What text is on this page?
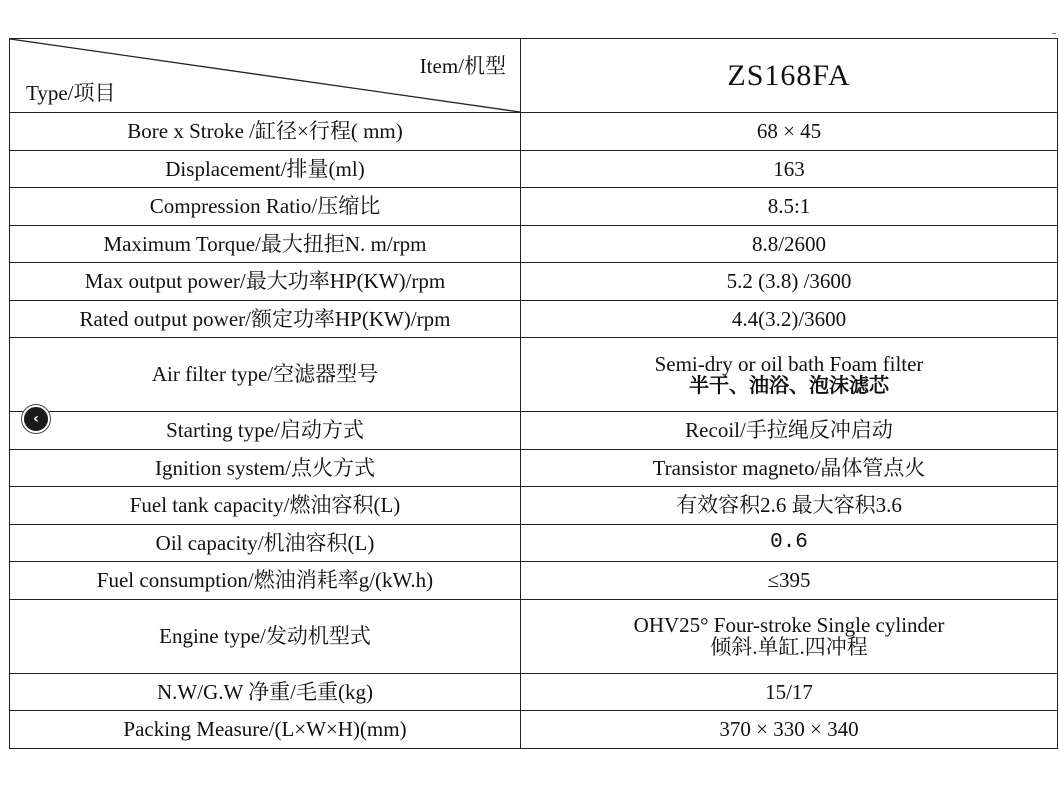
Item/机型
Type/项目	ZS168FA
Bore x Stroke /缸径×行程( mm)	68 × 45
Displacement/排量(ml)	163
Compression Ratio/压缩比	8.5:1
Maximum Torque/最大扭拒N. m/rpm	8.8/2600
Max output power/最大功率HP(KW)/rpm	5.2 (3.8) /3600
Rated output power/额定功率HP(KW)/rpm	4.4(3.2)/3600
Air filter type/空滤器型号	Semi-dry or oil bath Foam filter
半干、油浴、泡沫滤芯

Starting type/启动方式	Recoil/手拉绳反冲启动
Ignition system/点火方式	Transistor magneto/晶体管点火
Fuel tank capacity/燃油容积(L)	有效容积2.6 最大容积3.6
Oil capacity/机油容积(L)	0.6
Fuel consumption/燃油消耗率g/(kW.h)	≤395
Engine type/发动机型式	OHV25° Four-stroke Single cylinder
倾斜.单缸.四冲程

N.W/G.W 净重/毛重(kg)	15/17
Packing Measure/(L×W×H)(mm)	370 × 330 × 340
‹
